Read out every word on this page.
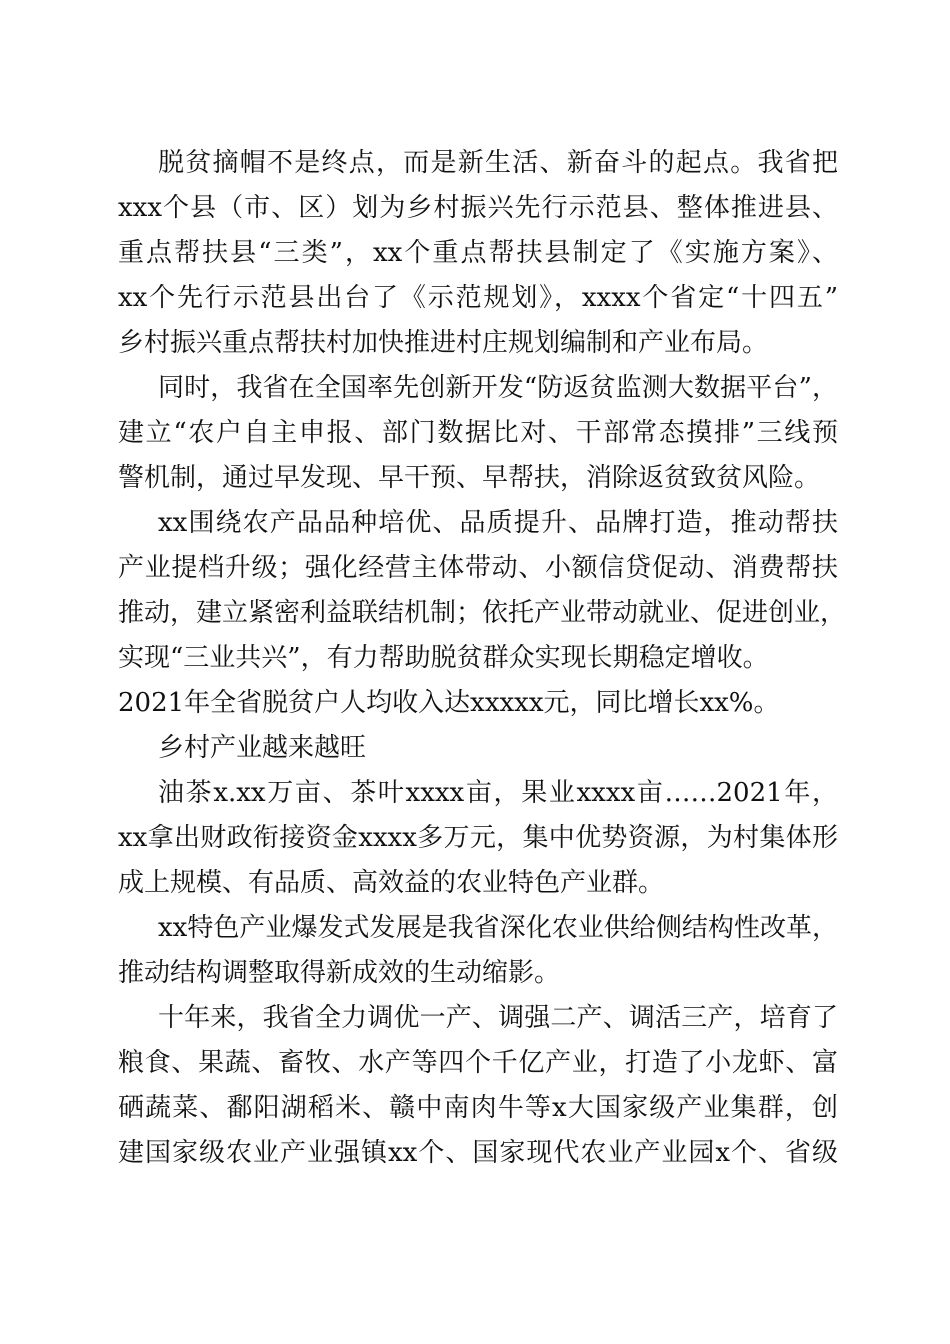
脱贫摘帽不是终点，而是新生活、新奋斗的起点。我省把
xxx个县（市、区）划为乡村振兴先行示范县、整体推进县、
重点帮扶县“三类”，xx个重点帮扶县制定了《实施方案》、
xx个先行示范县出台了《示范规划》，xxxx个省定“十四五”
乡村振兴重点帮扶村加快推进村庄规划编制和产业布局。
同时，我省在全国率先创新开发“防返贫监测大数据平台”，
建立“农户自主申报、部门数据比对、干部常态摸排”三线预
警机制，通过早发现、早干预、早帮扶，消除返贫致贫风险。
xx围绕农产品品种培优、品质提升、品牌打造，推动帮扶
产业提档升级；强化经营主体带动、小额信贷促动、消费帮扶
推动，建立紧密利益联结机制；依托产业带动就业、促进创业，
实现“三业共兴”，有力帮助脱贫群众实现长期稳定增收。
2021年全省脱贫户人均收入达xxxxx元，同比增长xx%。
乡村产业越来越旺
油茶x.xx万亩、茶叶xxxx亩，果业xxxx亩……2021年，
xx拿出财政衔接资金xxxx多万元，集中优势资源，为村集体形
成上规模、有品质、高效益的农业特色产业群。
xx特色产业爆发式发展是我省深化农业供给侧结构性改革，
推动结构调整取得新成效的生动缩影。
十年来，我省全力调优一产、调强二产、调活三产，培育了
粮食、果蔬、畜牧、水产等四个千亿产业，打造了小龙虾、富
硒蔬菜、鄱阳湖稻米、赣中南肉牛等x大国家级产业集群，创
建国家级农业产业强镇xx个、国家现代农业产业园x个、省级
